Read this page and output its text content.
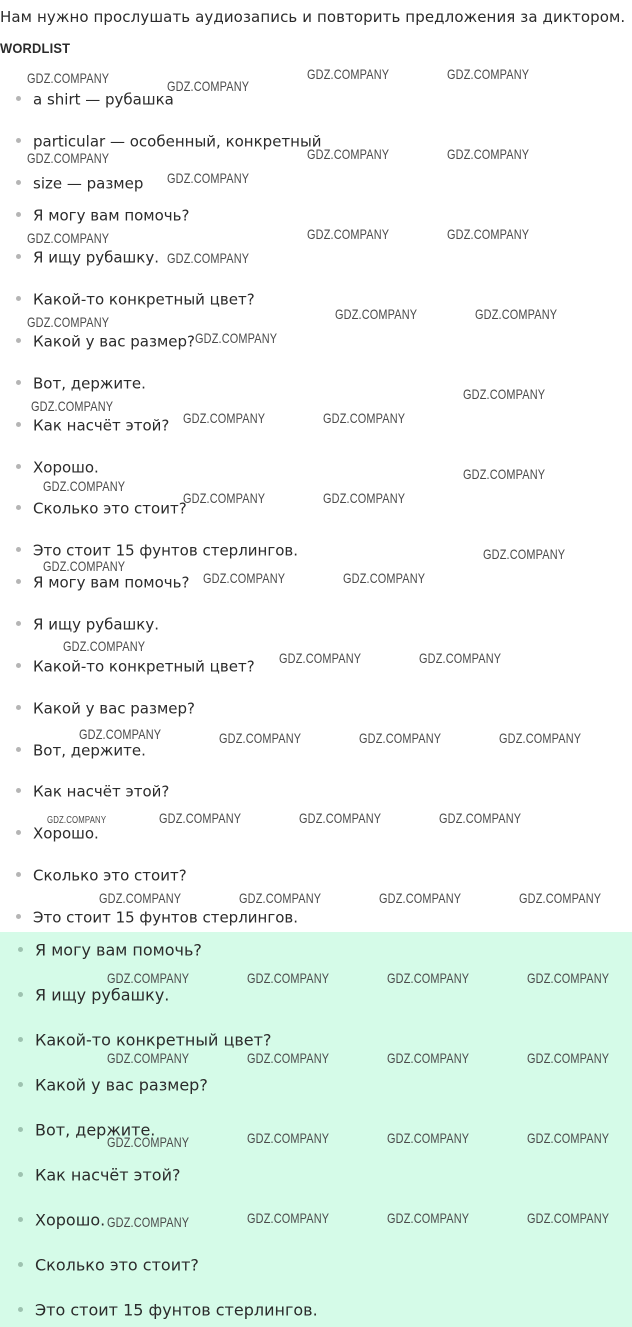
Нам нужно прослушать аудиозапись и повторить предложения за диктором.
WORDLIST
a shirt — рубашка
particular — особенный, конкретный
size — размер
Я могу вам помочь?
Я ищу рубашку.
Какой-то конкретный цвет?
Какой у вас размер?
Вот, держите.
Как насчёт этой?
Хорошо.
Сколько это стоит?
Это стоит 15 фунтов стерлингов.
Я могу вам помочь?
Я ищу рубашку.
Какой-то конкретный цвет?
Какой у вас размер?
Вот, держите.
Как насчёт этой?
Хорошо.
Сколько это стоит?
Это стоит 15 фунтов стерлингов.
Я могу вам помочь?
Я ищу рубашку.
Какой-то конкретный цвет?
Какой у вас размер?
Вот, держите.
Как насчёт этой?
Хорошо.
Сколько это стоит?
Это стоит 15 фунтов стерлингов.
GDZ.COMPANY	GDZ.COMPANY
GDZ.COMPANY	GDZ.COMPANY
GDZ.COMPANY
GDZ.COMPANY
GDZ.COMPANY	GDZ.COMPANY
GDZ.COMPANY
GDZ.COMPANY
GDZ.COMPANY	GDZ.COMPANY
GDZ.COMPANY
GDZ.COMPANY
GDZ.COMPANY	GDZ.COMPANY
GDZ.COMPANY
GDZ.COMPANY	GDZ.COMPANY
GDZ.COMPANY
GDZ.COMPANY
GDZ.COMPANY	GDZ.COMPANY
GDZ.COMPANY
GDZ.COMPANY
GDZ.COMPANY	GDZ.COMPANY
GDZ.COMPANY
GDZ.COMPANY
GDZ.COMPANY	GDZ.COMPANY
GDZ.COMPANY	GDZ.COMPANY	GDZ.COMPANY	GDZ.COMPANY
GDZ.COMPANY	GDZ.COMPANY	GDZ.COMPANY	GDZ.COMPANY
GDZ.COMPANY	GDZ.COMPANY	GDZ.COMPANY	GDZ.COMPANY
GDZ.COMPANY	GDZ.COMPANY	GDZ.COMPANY	GDZ.COMPANY
GDZ.COMPANY	GDZ.COMPANY	GDZ.COMPANY	GDZ.COMPANY
GDZ.COMPANY	GDZ.COMPANY	GDZ.COMPANY	GDZ.COMPANY
GDZ.COMPANY	GDZ.COMPANY	GDZ.COMPANY	GDZ.COMPANY
